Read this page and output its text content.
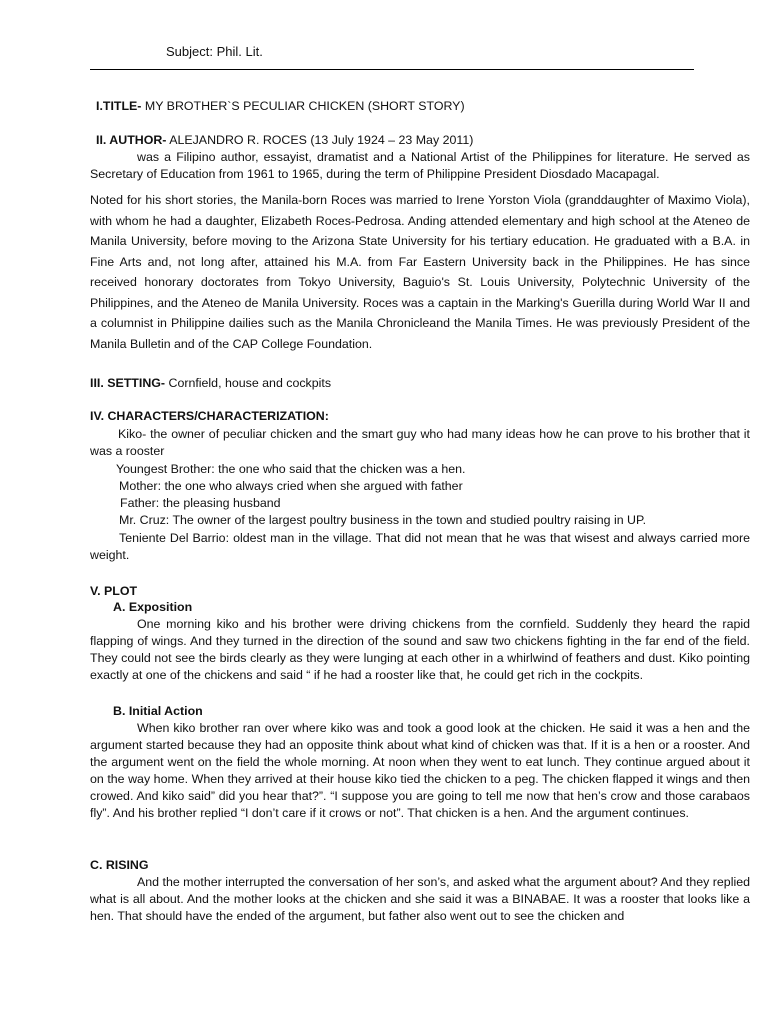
Subject: Phil. Lit.
I.TITLE- MY BROTHER`S PECULIAR CHICKEN (SHORT STORY)
II. AUTHOR- ALEJANDRO R. ROCES (13 July 1924 – 23 May 2011)
was a Filipino author, essayist, dramatist and a National Artist of the Philippines for literature. He served as Secretary of Education from 1961 to 1965, during the term of Philippine President Diosdado Macapagal.
Noted for his short stories, the Manila-born Roces was married to Irene Yorston Viola (granddaughter of Maximo Viola), with whom he had a daughter, Elizabeth Roces-Pedrosa. Anding attended elementary and high school at the Ateneo de Manila University, before moving to the Arizona State University for his tertiary education. He graduated with a B.A. in Fine Arts and, not long after, attained his M.A. from Far Eastern University back in the Philippines. He has since received honorary doctorates from Tokyo University, Baguio's St. Louis University, Polytechnic University of the Philippines, and the Ateneo de Manila University. Roces was a captain in the Marking's Guerilla during World War II and a columnist in Philippine dailies such as the Manila Chronicleand the Manila Times. He was previously President of the Manila Bulletin and of the CAP College Foundation.
III. SETTING- Cornfield, house and cockpits
IV. CHARACTERS/CHARACTERIZATION:
Kiko- the owner of peculiar chicken and the smart guy who had many ideas how he can prove to his brother that it was a rooster
Youngest Brother: the one who said that the chicken was a hen.
Mother: the one who always cried when she argued with father
Father: the pleasing husband
Mr. Cruz: The owner of the largest poultry business in the town and studied poultry raising in UP.
Teniente Del Barrio: oldest man in the village. That did not mean that he was that wisest and always carried more weight.
V. PLOT
A. Exposition
One morning kiko and his brother were driving chickens from the cornfield. Suddenly they heard the rapid flapping of wings. And they turned in the direction of the sound and saw two chickens fighting in the far end of the field. They could not see the birds clearly as they were lunging at each other in a whirlwind of feathers and dust. Kiko pointing exactly at one of the chickens and said “ if he had a rooster like that, he could get rich in the cockpits.
B. Initial Action
When kiko brother ran over where kiko was and took a good look at the chicken. He said it was a hen and the argument started because they had an opposite think about what kind of chicken was that. If it is a hen or a rooster. And the argument went on the field the whole morning. At noon when they went to eat lunch. They continue argued about it on the way home. When they arrived at their house kiko tied the chicken to a peg. The chicken flapped it wings and then crowed. And kiko said” did you hear that?”. “I suppose you are going to tell me now that hen’s crow and those carabaos fly”. And his brother replied “I don’t care if it crows or not”. That chicken is a hen. And the argument continues.
C. RISING
And the mother interrupted the conversation of her son’s, and asked what the argument about? And they replied what is all about. And the mother looks at the chicken and she said it was a BINABAE. It was a rooster that looks like a hen. That should have the ended of the argument, but father also went out to see the chicken and
